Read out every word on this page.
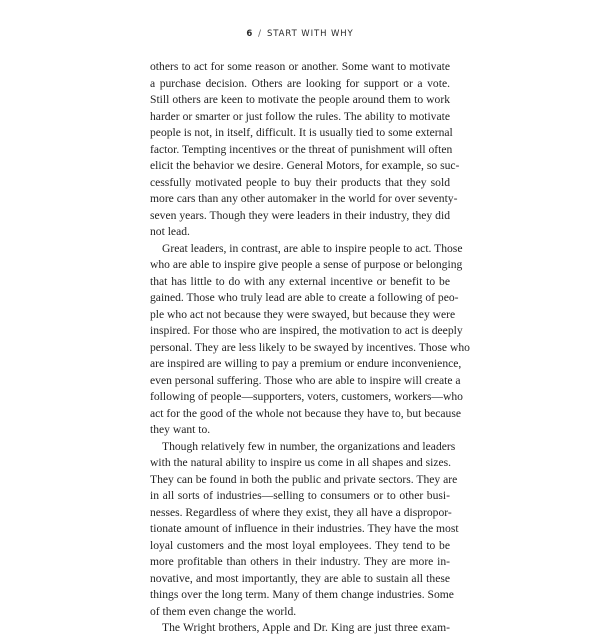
6 / START WITH WHY
others to act for some reason or another. Some want to motivate
a purchase decision. Others are looking for support or a vote.
Still others are keen to motivate the people around them to work
harder or smarter or just follow the rules. The ability to motivate
people is not, in itself, difficult. It is usually tied to some external
factor. Tempting incentives or the threat of punishment will often
elicit the behavior we desire. General Motors, for example, so suc-
cessfully motivated people to buy their products that they sold
more cars than any other automaker in the world for over seventy-
seven years. Though they were leaders in their industry, they did
not lead.
Great leaders, in contrast, are able to inspire people to act. Those
who are able to inspire give people a sense of purpose or belonging
that has little to do with any external incentive or benefit to be
gained. Those who truly lead are able to create a following of peo-
ple who act not because they were swayed, but because they were
inspired. For those who are inspired, the motivation to act is deeply
personal. They are less likely to be swayed by incentives. Those who
are inspired are willing to pay a premium or endure inconvenience,
even personal suffering. Those who are able to inspire will create a
following of people—supporters, voters, customers, workers—who
act for the good of the whole not because they have to, but because
they want to.
Though relatively few in number, the organizations and leaders
with the natural ability to inspire us come in all shapes and sizes.
They can be found in both the public and private sectors. They are
in all sorts of industries—selling to consumers or to other busi-
nesses. Regardless of where they exist, they all have a dispropor-
tionate amount of influence in their industries. They have the most
loyal customers and the most loyal employees. They tend to be
more profitable than others in their industry. They are more in-
novative, and most importantly, they are able to sustain all these
things over the long term. Many of them change industries. Some
of them even change the world.
The Wright brothers, Apple and Dr. King are just three exam-
